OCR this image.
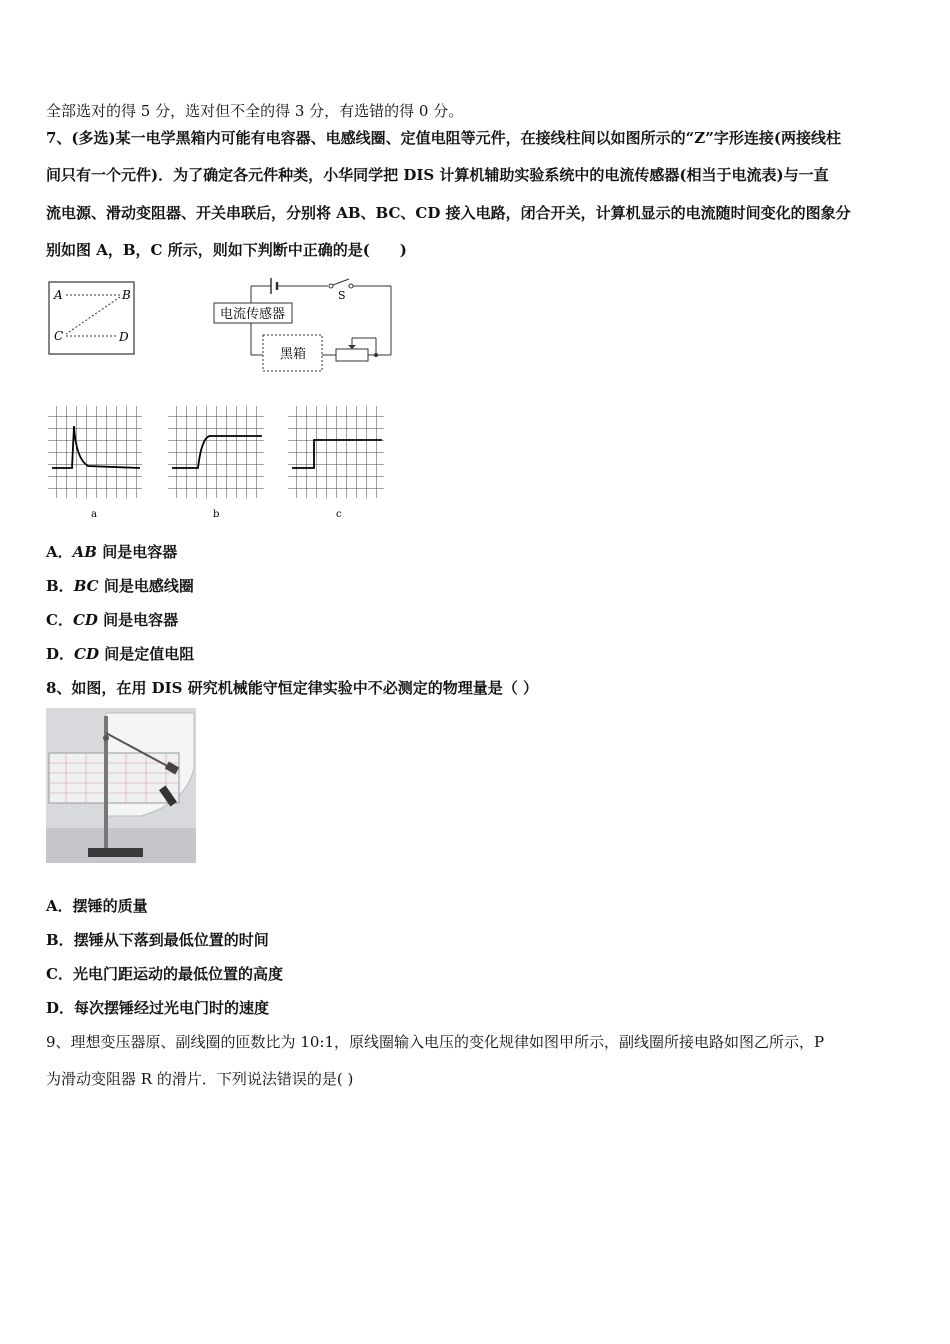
全部选对的得 5 分，选对但不全的得 3 分，有选错的得 0 分。
7、(多选)某一电学黑箱内可能有电容器、电感线圈、定值电阻等元件，在接线柱间以如图所示的“Z”字形连接(两接线柱
间只有一个元件)．为了确定各元件种类，小华同学把 DIS 计算机辅助实验系统中的电流传感器(相当于电流表)与一直
流电源、滑动变阻器、开关串联后，分别将 AB、BC、CD 接入电路，闭合开关，计算机显示的电流随时间变化的图象分
别如图 A，B，C 所示，则如下判断中正确的是(　　)
A	B
C	D
S
电流传感器
黑箱
a	b	c
A．AB 间是电容器
B．BC 间是电感线圈
C．CD 间是电容器
D．CD 间是定值电阻
8、如图，在用 DIS 研究机械能守恒定律实验中不必测定的物理量是（ ）
A．摆锤的质量
B．摆锤从下落到最低位置的时间
C．光电门距运动的最低位置的高度
D．每次摆锤经过光电门时的速度
9、理想变压器原、副线圈的匝数比为 10:1，原线圈输入电压的变化规律如图甲所示，副线圈所接电路如图乙所示，P
为滑动变阻器 R 的滑片．下列说法错误的是( )
